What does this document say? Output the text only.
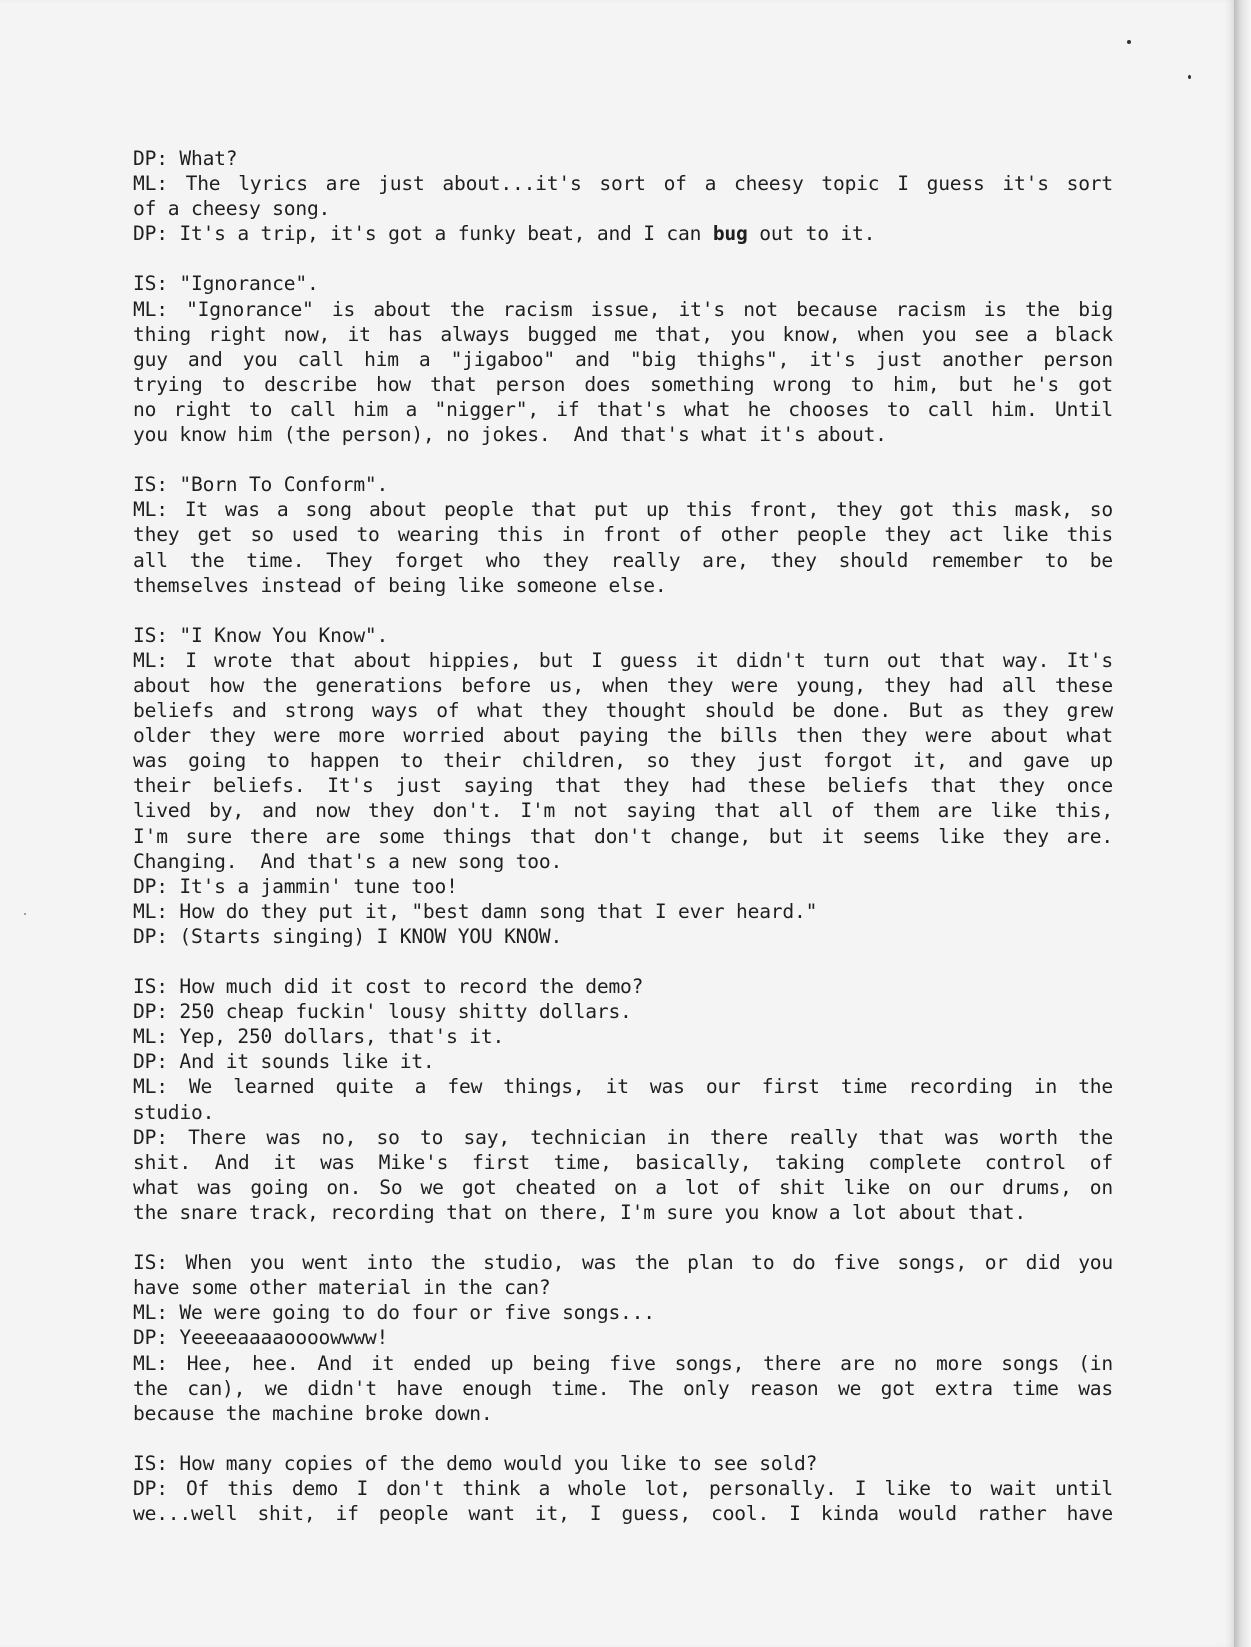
DP: What?
ML: The lyrics are just about...it's sort of a cheesy topic I guess it's sort
of a cheesy song.
DP: It's a trip, it's got a funky beat, and I can bug out to it.
IS: "Ignorance".
ML: "Ignorance" is about the racism issue, it's not because racism is the big
thing right now, it has always bugged me that, you know, when you see a black
guy and you call him a "jigaboo" and "big thighs", it's just another person
trying to describe how that person does something wrong to him, but he's got
no right to call him a "nigger", if that's what he chooses to call him. Until
you know him (the person), no jokes.  And that's what it's about.
IS: "Born To Conform".
ML: It was a song about people that put up this front, they got this mask, so
they get so used to wearing this in front of other people they act like this
all the time. They forget who they really are, they should remember to be
themselves instead of being like someone else.
IS: "I Know You Know".
ML: I wrote that about hippies, but I guess it didn't turn out that way. It's
about how the generations before us, when they were young, they had all these
beliefs and strong ways of what they thought should be done. But as they grew
older they were more worried about paying the bills then they were about what
was going to happen to their children, so they just forgot it, and gave up
their beliefs. It's just saying that they had these beliefs that they once
lived by, and now they don't. I'm not saying that all of them are like this,
I'm sure there are some things that don't change, but it seems like they are.
Changing.  And that's a new song too.
DP: It's a jammin' tune too!
ML: How do they put it, "best damn song that I ever heard."
DP: (Starts singing) I KNOW YOU KNOW.
IS: How much did it cost to record the demo?
DP: 250 cheap fuckin' lousy shitty dollars.
ML: Yep, 250 dollars, that's it.
DP: And it sounds like it.
ML: We learned quite a few things, it was our first time recording in the
studio.
DP: There was no, so to say, technician in there really that was worth the
shit. And it was Mike's first time, basically, taking complete control of
what was going on. So we got cheated on a lot of shit like on our drums, on
the snare track, recording that on there, I'm sure you know a lot about that.
IS: When you went into the studio, was the plan to do five songs, or did you
have some other material in the can?
ML: We were going to do four or five songs...
DP: Yeeeeaaaaoooowwww!
ML: Hee, hee. And it ended up being five songs, there are no more songs (in
the can), we didn't have enough time. The only reason we got extra time was
because the machine broke down.
IS: How many copies of the demo would you like to see sold?
DP: Of this demo I don't think a whole lot, personally. I like to wait until
we...well shit, if people want it, I guess, cool. I kinda would rather have
